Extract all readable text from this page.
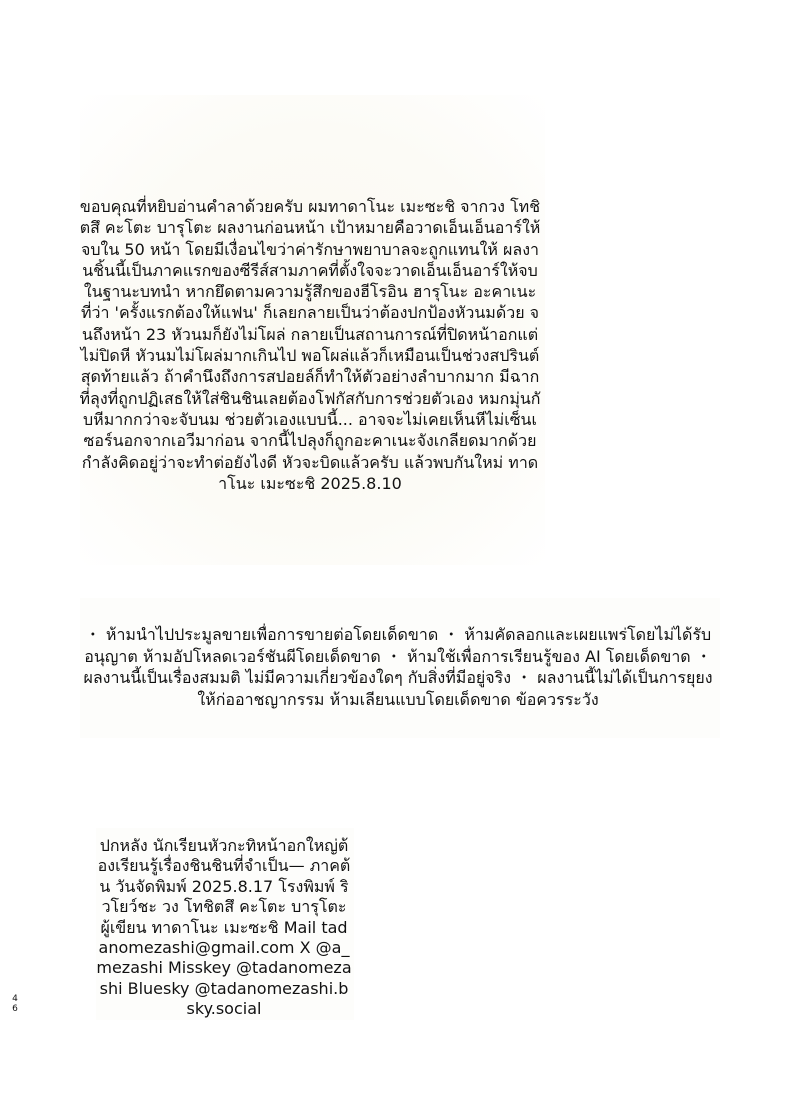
ขอบคุณที่หยิบอ่านคำลาด้วยครับ ผมทาดาโนะ เมะซะชิ จากวง โทชิตสึ คะโตะ บารุโตะ ผลงานก่อนหน้า เป้าหมายคือวาดเอ็นเอ็นอาร์ให้จบใน 50 หน้า โดยมีเงื่อนไขว่าค่ารักษาพยาบาลจะถูกแทนให้ ผลงานชิ้นนี้เป็นภาคแรกของซีรีส์สามภาคที่ตั้งใจจะวาดเอ็นเอ็นอาร์ให้จบ ในฐานะบทนำ หากยึดตามความรู้สึกของฮีโรอิน ฮารุโนะ อะคาเนะ ที่ว่า 'ครั้งแรกต้องให้แฟน' ก็เลยกลายเป็นว่าต้องปกป้องหัวนมด้วย จนถึงหน้า 23 หัวนมก็ยังไม่โผล่ กลายเป็นสถานการณ์ที่ปิดหน้าอกแต่ไม่ปิดหี หัวนมไม่โผล่มากเกินไป พอโผล่แล้วก็เหมือนเป็นช่วงสปรินต์สุดท้ายแล้ว ถ้าคำนึงถึงการสปอยล์ก็ทำให้ตัวอย่างลำบากมาก มีฉากที่ลุงที่ถูกปฏิเสธให้ใส่ชินชินเลยต้องโฟกัสกับการช่วยตัวเอง หมกมุ่นกับหีมากกว่าจะจับนม ช่วยตัวเองแบบนี้... อาจจะไม่เคยเห็นหีไม่เซ็นเซอร์นอกจากเอวีมาก่อน จากนี้ไปลุงก็ถูกอะคาเนะจังเกลียดมากด้วย กำลังคิดอยู่ว่าจะทำต่อยังไงดี หัวจะบิดแล้วครับ แล้วพบกันใหม่ ทาดาโนะ เมะซะชิ 2025.8.10

・ ห้ามนำไปประมูลขายเพื่อการขายต่อโดยเด็ดขาด ・ ห้ามคัดลอกและเผยแพร่โดยไม่ได้รับอนุญาต ห้ามอัปโหลดเวอร์ชันผีโดยเด็ดขาด ・ ห้ามใช้เพื่อการเรียนรู้ของ AI โดยเด็ดขาด ・ ผลงานนี้เป็นเรื่องสมมติ ไม่มีความเกี่ยวข้องใดๆ กับสิ่งที่มีอยู่จริง ・ ผลงานนี้ไม่ได้เป็นการยุยงให้ก่ออาชญากรรม ห้ามเลียนแบบโดยเด็ดขาด ข้อควรระวัง

ปกหลัง นักเรียนหัวกะทิหน้าอกใหญ่ต้องเรียนรู้เรื่องชินชินที่จำเป็น— ภาคต้น วันจัดพิมพ์ 2025.8.17 โรงพิมพ์ ริวโยว์ชะ วง โทชิตสึ คะโตะ บารุโตะ ผู้เขียน ทาดาโนะ เมะซะชิ Mail tadanomezashi@gmail.com X @a_mezashi Misskey @tadanomezashi Bluesky @tadanomezashi.bsky.social

46
